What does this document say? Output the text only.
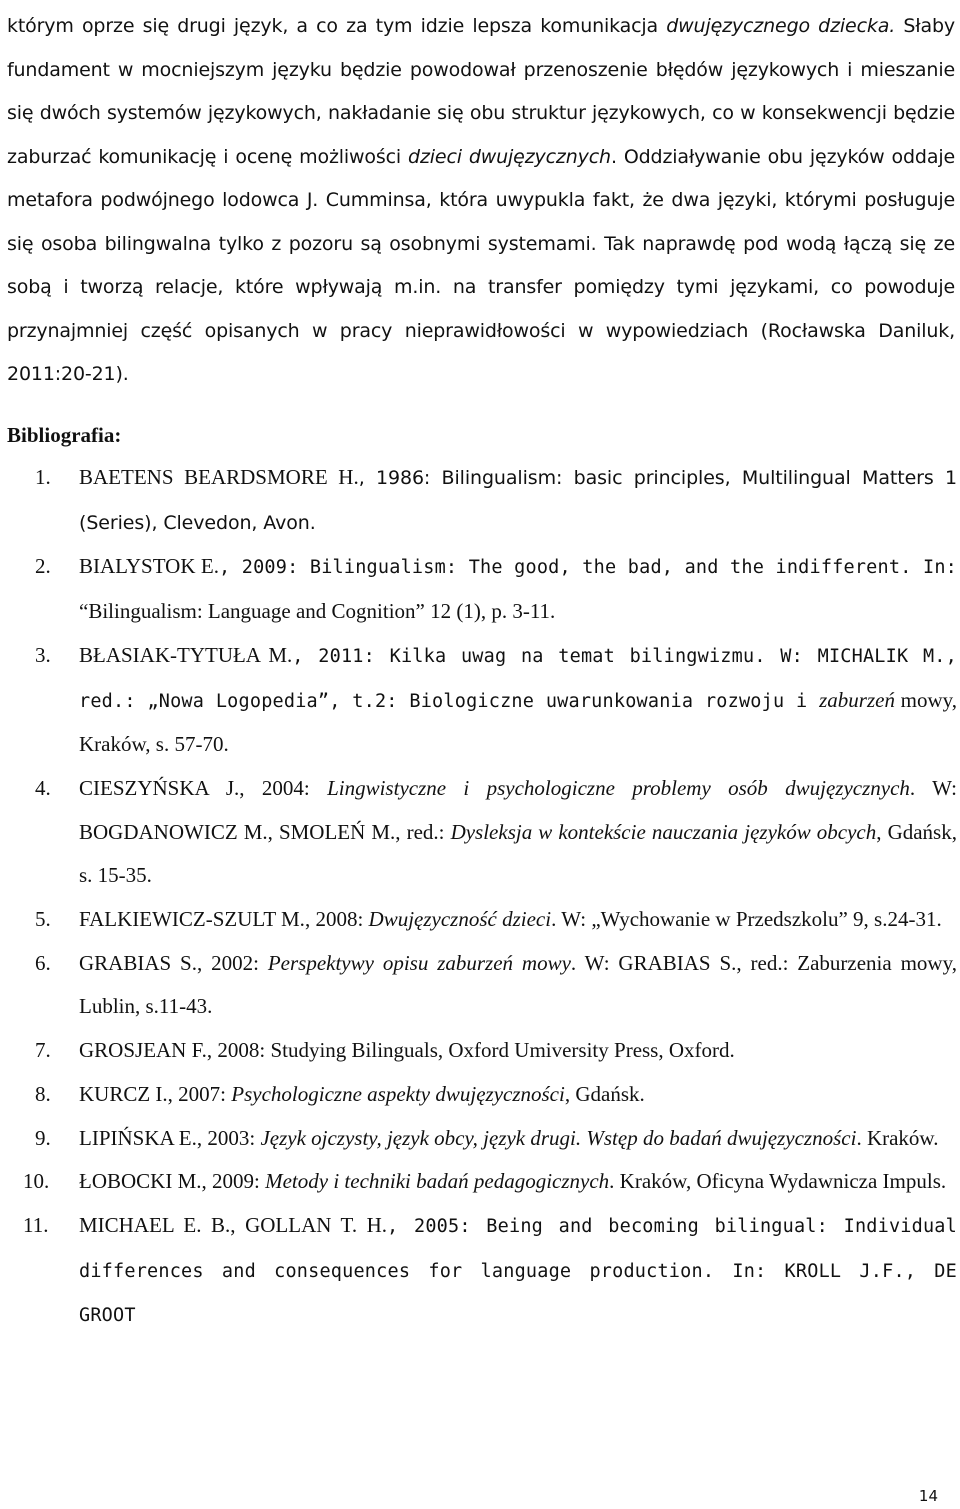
którym oprze się drugi język, a co za tym idzie lepsza komunikacja dwujęzycznego dziecka. Słaby fundament w mocniejszym języku będzie powodował przenoszenie błędów językowych i mieszanie się dwóch systemów językowych, nakładanie się obu struktur językowych, co w konsekwencji będzie zaburzać komunikację i ocenę możliwości dzieci dwujęzycznych. Oddziaływanie obu języków oddaje metafora podwójnego lodowca J. Cumminsa, która uwypukla fakt, że dwa języki, którymi posługuje się osoba bilingwalna tylko z pozoru są osobnymi systemami. Tak naprawdę pod wodą łączą się ze sobą i tworzą relacje, które wpływają m.in. na transfer pomiędzy tymi językami, co powoduje przynajmniej część opisanych w pracy nieprawidłowości w wypowiedziach (Rocławska Daniluk, 2011:20-21).

Bibliografia:
1. BAETENS BEARDSMORE H., 1986: Bilingualism: basic principles, Multilingual Matters 1 (Series), Clevedon, Avon.
2. BIALYSTOK E., 2009: Bilingualism: The good, the bad, and the indifferent. In: “Bilingualism: Language and Cognition” 12 (1), p. 3-11.
3. BŁASIAK-TYTUŁA M., 2011: Kilka uwag na temat bilingwizmu. W: MICHALIK M., red.: „Nowa Logopedia”, t.2: Biologiczne uwarunkowania rozwoju i zaburzeń mowy, Kraków, s. 57-70.
4. CIESZYŃSKA J., 2004: Lingwistyczne i psychologiczne problemy osób dwujęzycznych. W: BOGDANOWICZ M., SMOLEŃ M., red.: Dysleksja w kontekście nauczania języków obcych, Gdańsk, s. 15-35.
5. FALKIEWICZ-SZULT M., 2008: Dwujęzyczność dzieci. W: „Wychowanie w Przedszkolu” 9, s.24-31.
6. GRABIAS S., 2002: Perspektywy opisu zaburzeń mowy. W: GRABIAS S., red.: Zaburzenia mowy, Lublin, s.11-43.
7. GROSJEAN F., 2008: Studying Bilinguals, Oxford Umiversity Press, Oxford.
8. KURCZ I., 2007: Psychologiczne aspekty dwujęzyczności, Gdańsk.
9. LIPIŃSKA E., 2003: Język ojczysty, język obcy, język drugi. Wstęp do badań dwujęzyczności. Kraków.
10. ŁOBOCKI M., 2009: Metody i techniki badań pedagogicznych. Kraków, Oficyna Wydawnicza Impuls.
11. MICHAEL E. B., GOLLAN T. H., 2005: Being and becoming bilingual: Individual differences and consequences for language production. In: KROLL J.F., DE GROOT
14
